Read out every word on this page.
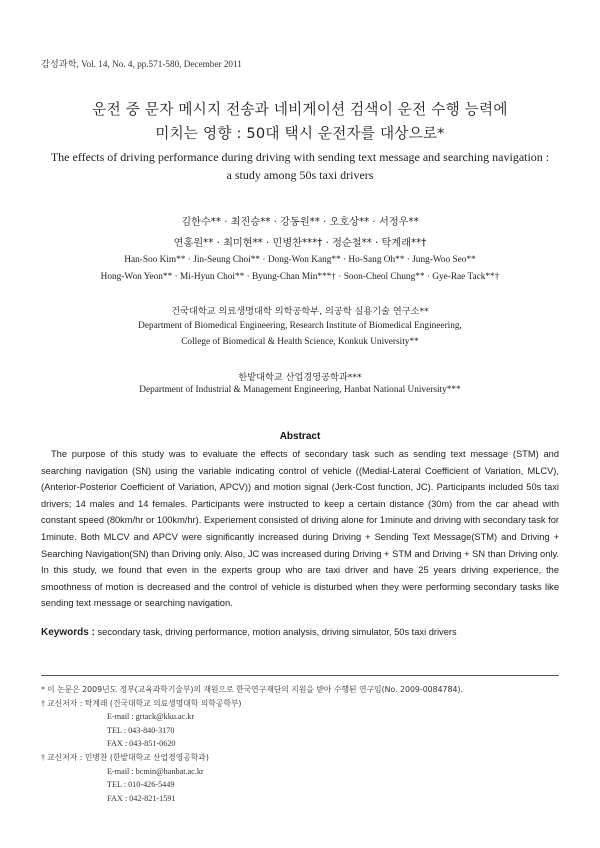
감성과학, Vol. 14, No. 4, pp.571-580, December 2011
운전 중 문자 메시지 전송과 네비게이션 검색이 운전 수행 능력에
미치는 영향 : 50대 택시 운전자를 대상으로*
The effects of driving performance during driving with sending text message and searching navigation : a study among 50s taxi drivers
김한수** · 최진승** · 강동원** · 오호상** · 서정우**
연홍원** · 최미현** · 민병찬***† · 정순철** · 탁계래**†
Han-Soo Kim** · Jin-Seung Choi** · Dong-Won Kang** · Ho-Sang Oh** · Jung-Woo Seo**
Hong-Won Yeon** · Mi-Hyun Choi** · Byung-Chan Min***† · Soon-Cheol Chung** · Gye-Rae Tack**†
건국대학교 의료생명대학 의학공학부, 의공학 실용기술 연구소**
Department of Biomedical Engineering, Research Institute of Biomedical Engineering,
College of Biomedical & Health Science, Konkuk University**
한밭대학교 산업경영공학과***
Department of Industrial & Management Engineering, Hanbat National University***
Abstract

The purpose of this study was to evaluate the effects of secondary task such as sending text message (STM) and searching navigation (SN) using the variable indicating control of vehicle ((Medial-Lateral Coefficient of Variation, MLCV), (Anterior-Posterior Coefficient of Variation, APCV)) and motion signal (Jerk-Cost function, JC). Participants included 50s taxi drivers; 14 males and 14 females. Participants were instructed to keep a certain distance (30m) from the car ahead with constant speed (80km/hr or 100km/hr). Experiement consisted of driving alone for 1minute and driving with secondary task for 1minute. Both MLCV and APCV were significantly increased during Driving + Sending Text Message(STM) and Driving + Searching Navigation(SN) than Driving only. Also, JC was increased during Driving + STM and Driving + SN than Driving only. In this study, we found that even in the experts group who are taxi driver and have 25 years driving experience, the smoothness of motion is decreased and the control of vehicle is disturbed when they were performing secondary tasks like sending text message or searching navigation.

Keywords : secondary task, driving performance, motion analysis, driving simulator, 50s taxi drivers
* 이 논문은 2009년도 정부(교육과학기술부)의 재원으로 한국연구재단의 지원을 받아 수행된 연구임(No. 2009-0084784).
† 교신저자 : 탁계래 (건국대학교 의료생명대학 의학공학부)
E-mail : grtack@kku.ac.kr
TEL : 043-840-3170
FAX : 043-851-0620
† 교신저자 : 민병찬 (한밭대학교 산업경영공학과)
E-mail : bcmin@hanbat.ac.kr
TEL : 010-426-5449
FAX : 042-821-1591
